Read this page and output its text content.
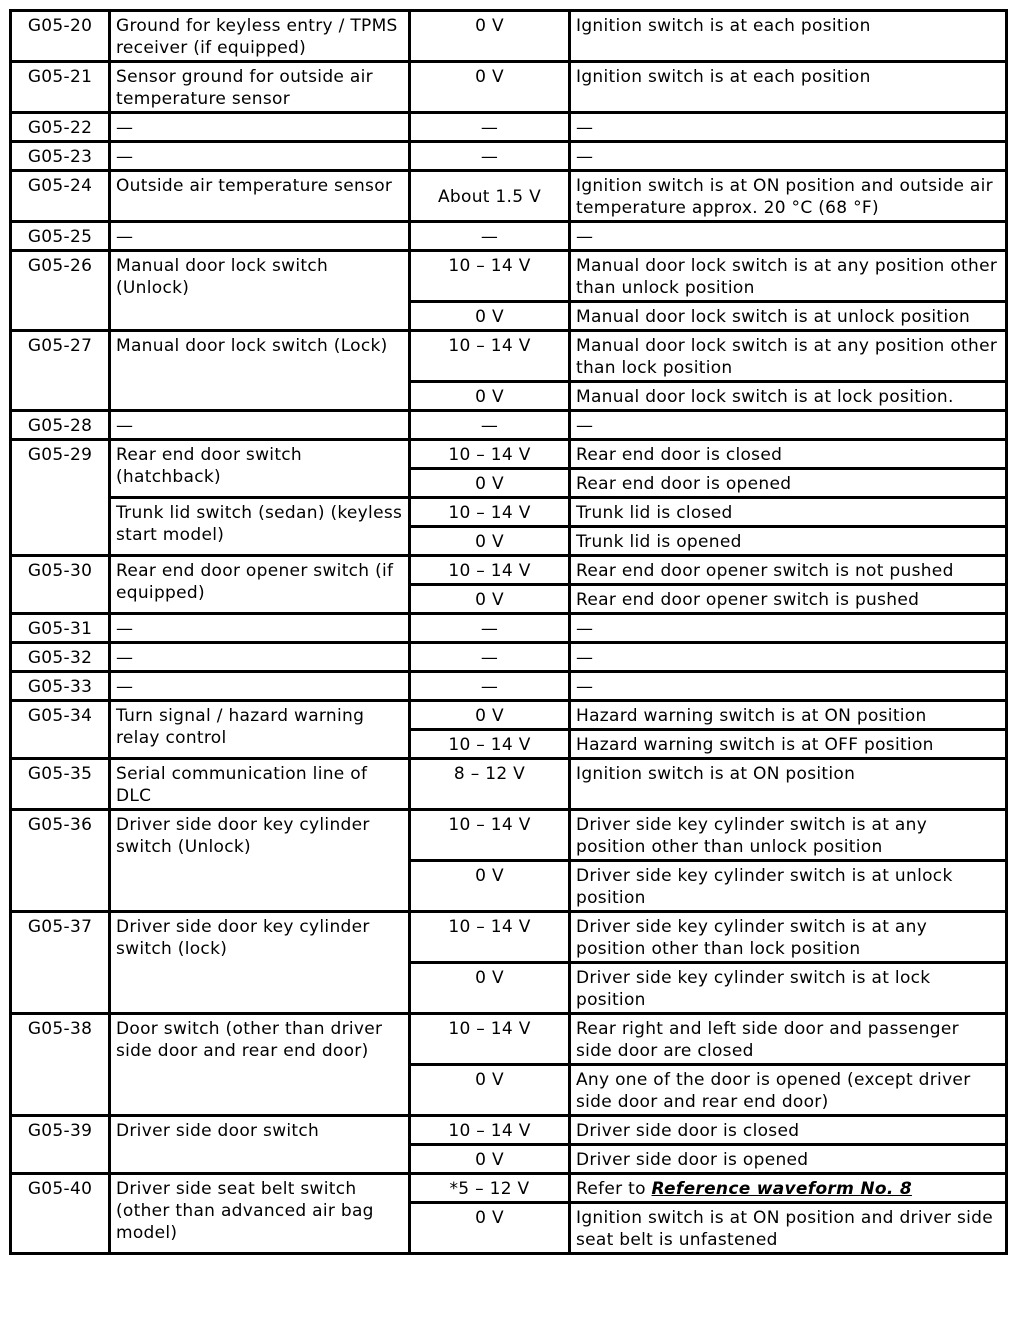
G05-20	Ground for keyless entry / TPMS receiver (if equipped)	0 V	Ignition switch is at each position
G05-21	Sensor ground for outside air temperature sensor	0 V	Ignition switch is at each position
G05-22	—	—	—
G05-23	—	—	—
G05-24	Outside air temperature sensor	About 1.5 V	Ignition switch is at ON position and outside air temperature approx. 20 °C (68 °F)
G05-25	—	—	—
G05-26	Manual door lock switch (Unlock)	10 – 14 V	Manual door lock switch is at any position other than unlock position
		0 V	Manual door lock switch is at unlock position
G05-27	Manual door lock switch (Lock)	10 – 14 V	Manual door lock switch is at any position other than lock position
		0 V	Manual door lock switch is at lock position.
G05-28	—	—	—
G05-29	Rear end door switch (hatchback)	10 – 14 V	Rear end door is closed
		0 V	Rear end door is opened
	Trunk lid switch (sedan) (keyless start model)	10 – 14 V	Trunk lid is closed
		0 V	Trunk lid is opened
G05-30	Rear end door opener switch (if equipped)	10 – 14 V	Rear end door opener switch is not pushed
		0 V	Rear end door opener switch is pushed
G05-31	—	—	—
G05-32	—	—	—
G05-33	—	—	—
G05-34	Turn signal / hazard warning relay control	0 V	Hazard warning switch is at ON position
		10 – 14 V	Hazard warning switch is at OFF position
G05-35	Serial communication line of DLC	8 – 12 V	Ignition switch is at ON position
G05-36	Driver side door key cylinder switch (Unlock)	10 – 14 V	Driver side key cylinder switch is at any position other than unlock position
		0 V	Driver side key cylinder switch is at unlock position
G05-37	Driver side door key cylinder switch (lock)	10 – 14 V	Driver side key cylinder switch is at any position other than lock position
		0 V	Driver side key cylinder switch is at lock position
G05-38	Door switch (other than driver side door and rear end door)	10 – 14 V	Rear right and left side door and passenger side door are closed
		0 V	Any one of the door is opened (except driver side door and rear end door)
G05-39	Driver side door switch	10 – 14 V	Driver side door is closed
		0 V	Driver side door is opened
G05-40	Driver side seat belt switch (other than advanced air bag model)	*5 – 12 V	Refer to Reference waveform No. 8
		0 V	Ignition switch is at ON position and driver side seat belt is unfastened
